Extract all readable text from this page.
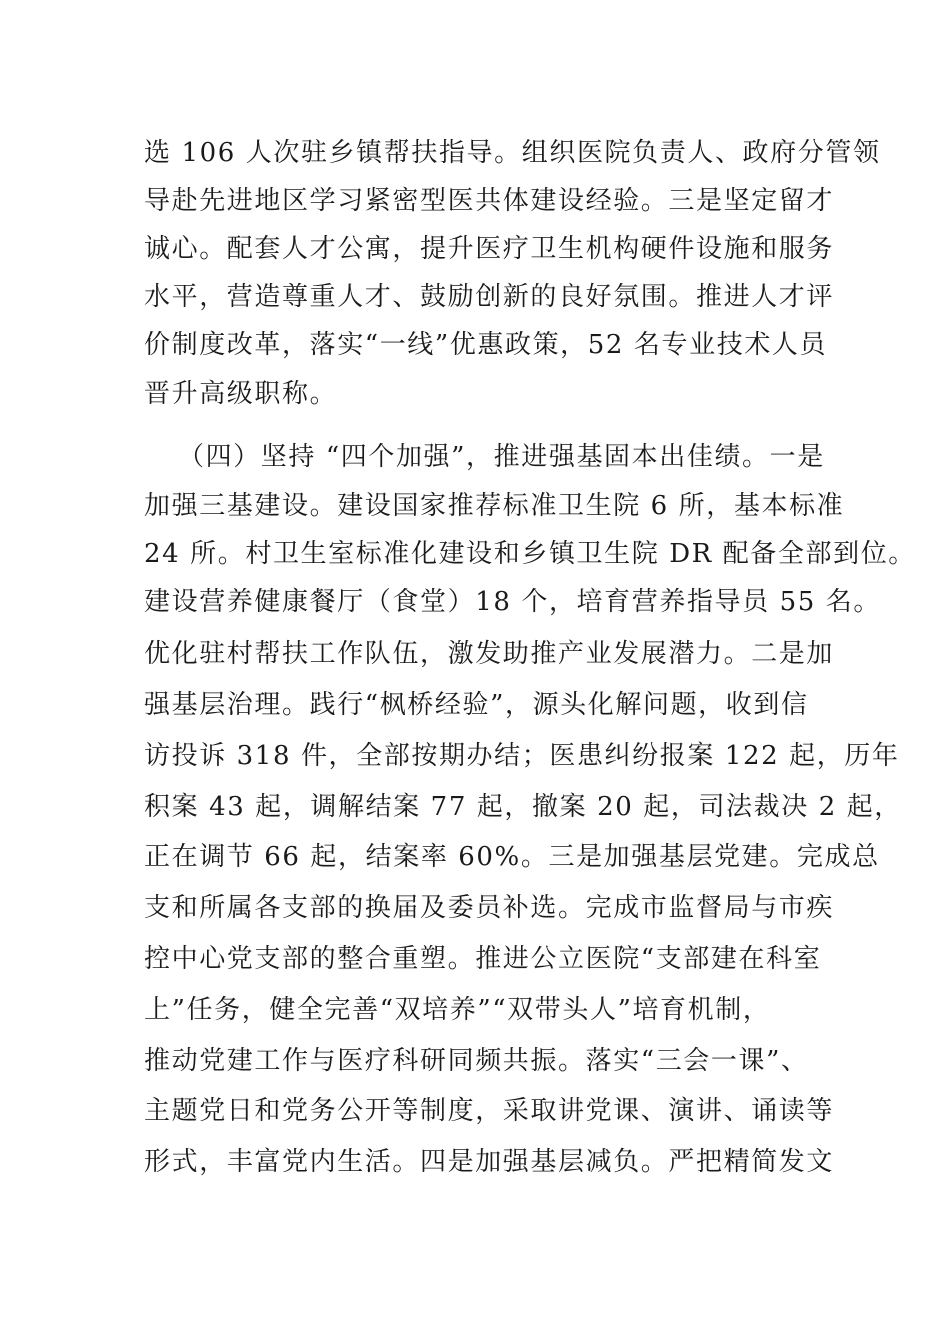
选 106 人次驻乡镇帮扶指导。组织医院负责人、政府分管领
导赴先进地区学习紧密型医共体建设经验。三是坚定留才
诚心。配套人才公寓，提升医疗卫生机构硬件设施和服务
水平，营造尊重人才、鼓励创新的良好氛围。推进人才评
价制度改革，落实“一线”优惠政策，52 名专业技术人员
晋升高级职称。
（四）坚持 “四个加强”，推进强基固本出佳绩。一是
加强三基建设。建设国家推荐标准卫生院 6 所，基本标准
24 所。村卫生室标准化建设和乡镇卫生院 DR 配备全部到位。
建设营养健康餐厅（食堂）18 个，培育营养指导员 55 名。
优化驻村帮扶工作队伍，激发助推产业发展潜力。二是加
强基层治理。践行“枫桥经验”，源头化解问题，收到信
访投诉 318 件，全部按期办结；医患纠纷报案 122 起，历年
积案 43 起，调解结案 77 起，撤案 20 起，司法裁决 2 起，
正在调节 66 起，结案率 60%。三是加强基层党建。完成总
支和所属各支部的换届及委员补选。完成市监督局与市疾
控中心党支部的整合重塑。推进公立医院“支部建在科室
上”任务，健全完善“双培养”“双带头人”培育机制，
推动党建工作与医疗科研同频共振。落实“三会一课”、
主题党日和党务公开等制度，采取讲党课、演讲、诵读等
形式，丰富党内生活。四是加强基层减负。严把精简发文
